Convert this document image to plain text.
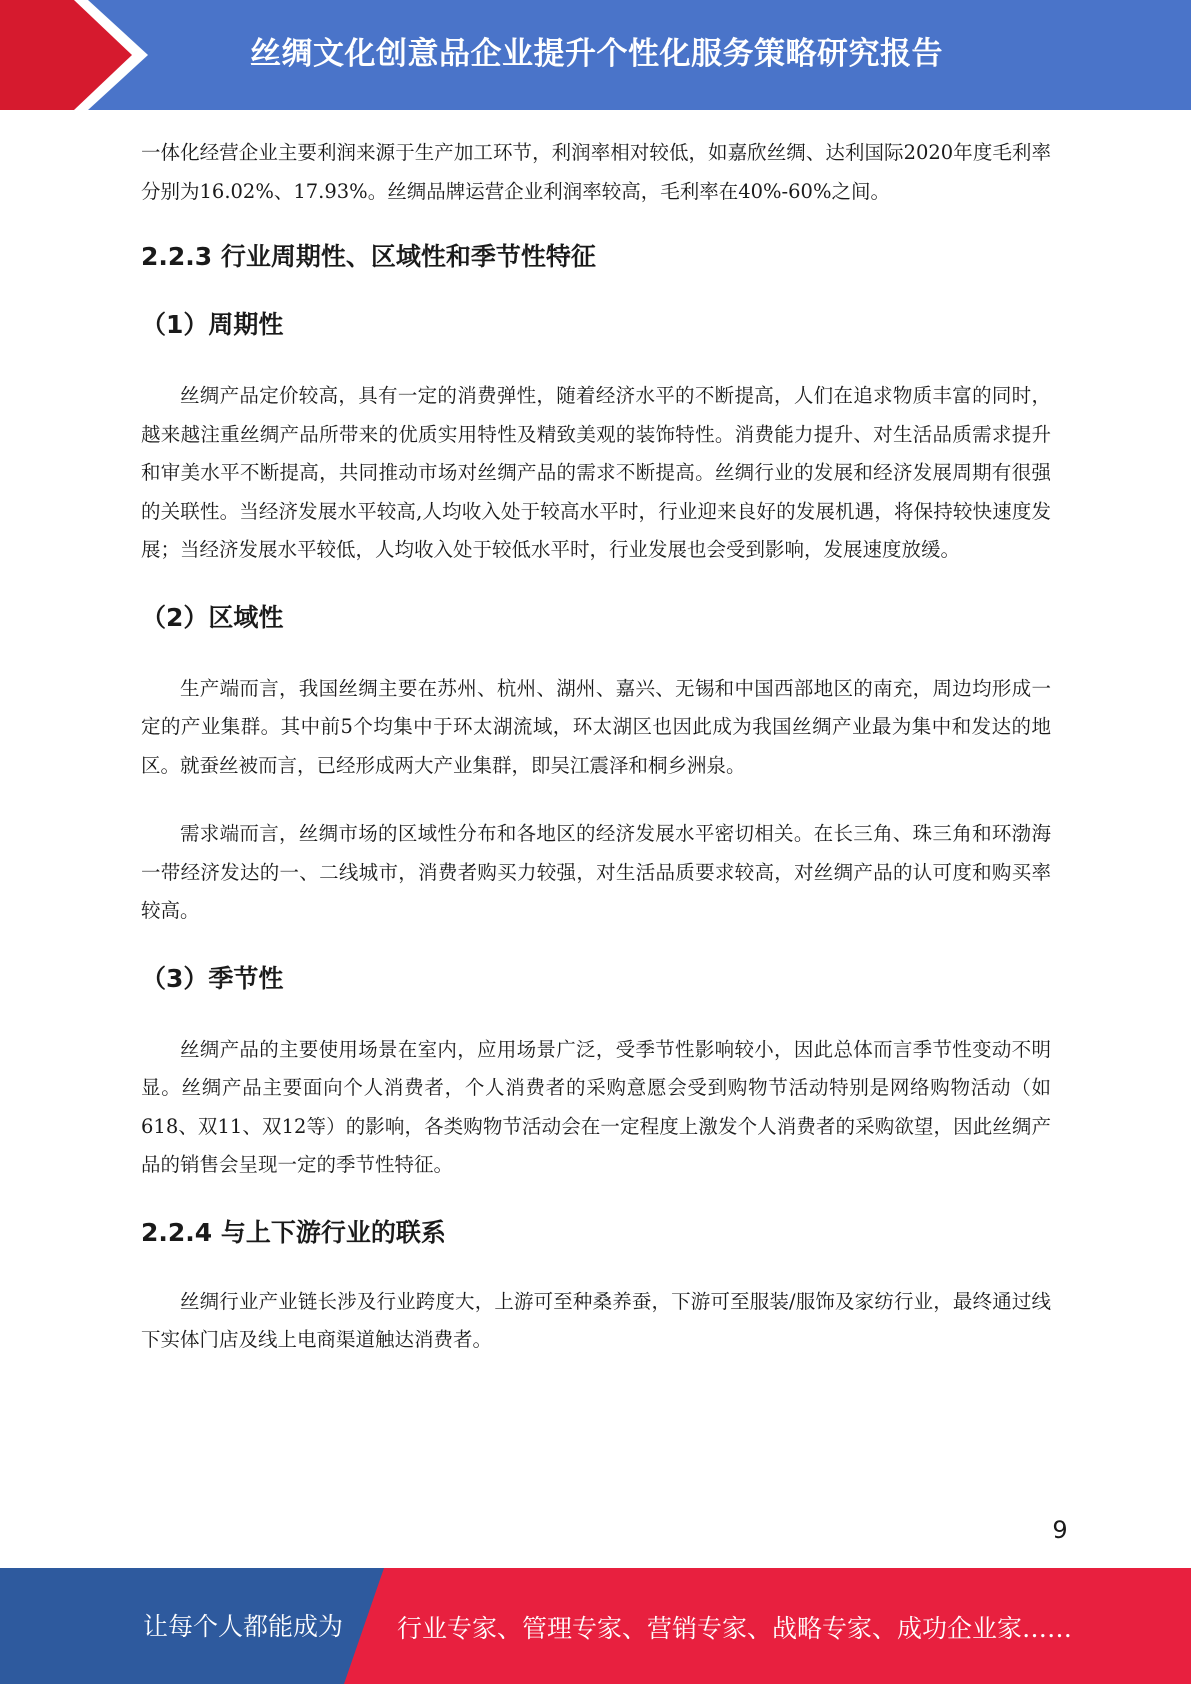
丝绸文化创意品企业提升个性化服务策略研究报告

一体化经营企业主要利润来源于生产加工环节，利润率相对较低，如嘉欣丝绸、达利国际2020年度毛利率分别为16.02%、17.93%。丝绸品牌运营企业利润率较高，毛利率在40%-60%之间。

2.2.3 行业周期性、区域性和季节性特征
（1）周期性

丝绸产品定价较高，具有一定的消费弹性，随着经济水平的不断提高，人们在追求物质丰富的同时，越来越注重丝绸产品所带来的优质实用特性及精致美观的装饰特性。消费能力提升、对生活品质需求提升和审美水平不断提高，共同推动市场对丝绸产品的需求不断提高。丝绸行业的发展和经济发展周期有很强的关联性。当经济发展水平较高,人均收入处于较高水平时，行业迎来良好的发展机遇，将保持较快速度发展；当经济发展水平较低，人均收入处于较低水平时，行业发展也会受到影响，发展速度放缓。

（2）区域性

生产端而言，我国丝绸主要在苏州、杭州、湖州、嘉兴、无锡和中国西部地区的南充，周边均形成一定的产业集群。其中前5个均集中于环太湖流域，环太湖区也因此成为我国丝绸产业最为集中和发达的地区。就蚕丝被而言，已经形成两大产业集群，即吴江震泽和桐乡洲泉。

需求端而言，丝绸市场的区域性分布和各地区的经济发展水平密切相关。在长三角、珠三角和环渤海一带经济发达的一、二线城市，消费者购买力较强，对生活品质要求较高，对丝绸产品的认可度和购买率较高。

（3）季节性

丝绸产品的主要使用场景在室内，应用场景广泛，受季节性影响较小，因此总体而言季节性变动不明显。丝绸产品主要面向个人消费者，个人消费者的采购意愿会受到购物节活动特别是网络购物活动（如618、双11、双12等）的影响，各类购物节活动会在一定程度上激发个人消费者的采购欲望，因此丝绸产品的销售会呈现一定的季节性特征。

2.2.4 与上下游行业的联系

丝绸行业产业链长涉及行业跨度大，上游可至种桑养蚕，下游可至服装/服饰及家纺行业，最终通过线下实体门店及线上电商渠道触达消费者。

9
让每个人都能成为 行业专家、管理专家、营销专家、战略专家、成功企业家……
